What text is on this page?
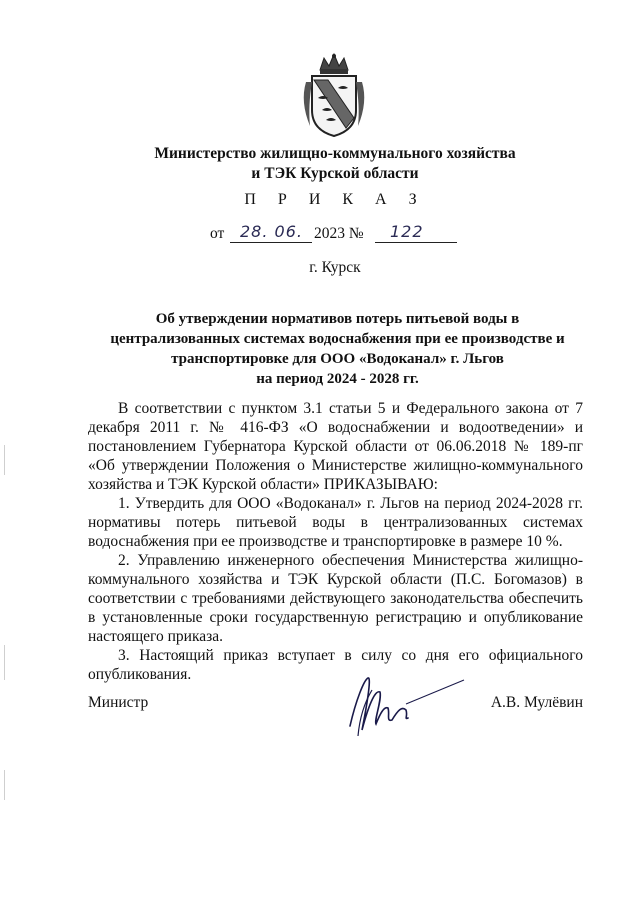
Министерство жилищно-коммунального хозяйства
и ТЭК Курской области
П Р И К А З
от 28. 06. 2023 № 122
г. Курск
Об утверждении нормативов потерь питьевой воды в
централизованных системах водоснабжения при ее производстве и
транспортировке для ООО «Водоканал» г. Льгов
на период 2024 - 2028 гг.

В соответствии с пунктом 3.1 статьи 5 и Федерального закона от 7 декабря 2011 г. № 416-ФЗ «О водоснабжении и водоотведении» и постановлением Губернатора Курской области от 06.06.2018 № 189-пг «Об утверждении Положения о Министерстве жилищно-коммунального хозяйства и ТЭК Курской области» ПРИКАЗЫВАЮ:

1. Утвердить для ООО «Водоканал» г. Льгов на период 2024-2028 гг. нормативы потерь питьевой воды в централизованных системах водоснабжения при ее производстве и транспортировке в размере 10 %.

2. Управлению инженерного обеспечения Министерства жилищно-коммунального хозяйства и ТЭК Курской области (П.С. Богомазов) в соответствии с требованиями действующего законодательства обеспечить в установленные сроки государственную регистрацию и опубликование настоящего приказа.

3. Настоящий приказ вступает в силу со дня его официального опубликования.

Министр	А.В. Мулёвин
